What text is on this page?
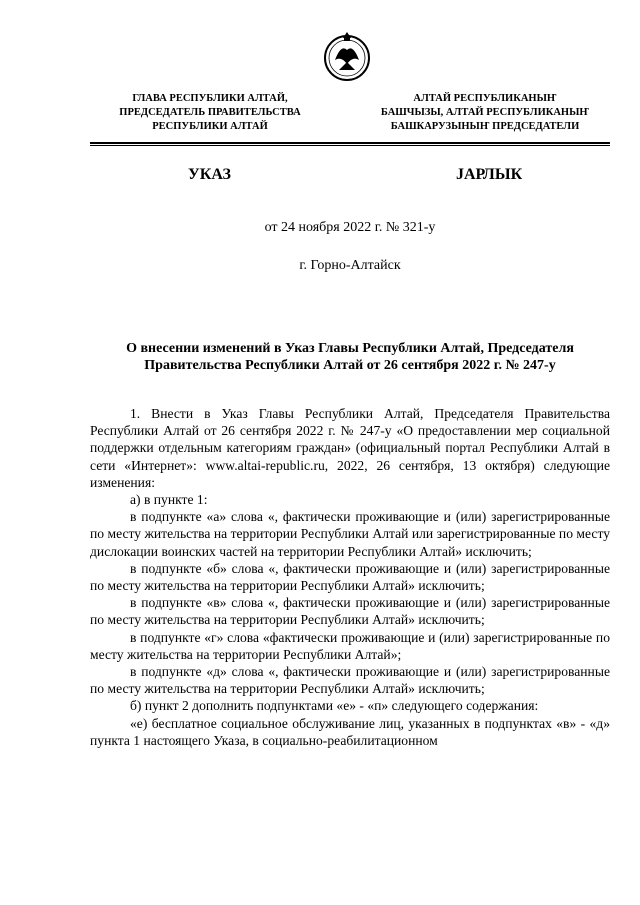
ГЛАВА РЕСПУБЛИКИ АЛТАЙ,
ПРЕДСЕДАТЕЛЬ ПРАВИТЕЛЬСТВА
РЕСПУБЛИКИ АЛТАЙ
АЛТАЙ РЕСПУБЛИКАНЫҤ
БАШЧЫЗЫ, АЛТАЙ РЕСПУБЛИКАНЫҤ
БАШКАРУЗЫНЫҤ ПРЕДСЕДАТЕЛИ
УКАЗ	JАРЛЫК
от 24 ноября 2022 г. № 321-у
г. Горно-Алтайск
О внесении изменений в Указ Главы Республики Алтай, Председателя
Правительства Республики Алтай от 26 сентября 2022 г. № 247-у

1. Внести в Указ Главы Республики Алтай, Председателя Правительства Республики Алтай от 26 сентября 2022 г. № 247-у «О предоставлении мер социальной поддержки отдельным категориям граждан» (официальный портал Республики Алтай в сети «Интернет»: www.altai-republic.ru, 2022, 26 сентября, 13 октября) следующие изменения:

а) в пункте 1:

в подпункте «а» слова «, фактически проживающие и (или) зарегистрированные по месту жительства на территории Республики Алтай или зарегистрированные по месту дислокации воинских частей на территории Республики Алтай» исключить;

в подпункте «б» слова «, фактически проживающие и (или) зарегистрированные по месту жительства на территории Республики Алтай» исключить;

в подпункте «в» слова «, фактически проживающие и (или) зарегистрированные по месту жительства на территории Республики Алтай» исключить;

в подпункте «г» слова «фактически проживающие и (или) зарегистрированные по месту жительства на территории Республики Алтай»;

в подпункте «д» слова «, фактически проживающие и (или) зарегистрированные по месту жительства на территории Республики Алтай» исключить;

б) пункт 2 дополнить подпунктами «е» - «п» следующего содержания:

«е) бесплатное социальное обслуживание лиц, указанных в подпунктах «в» - «д» пункта 1 настоящего Указа, в социально-реабилитационном
